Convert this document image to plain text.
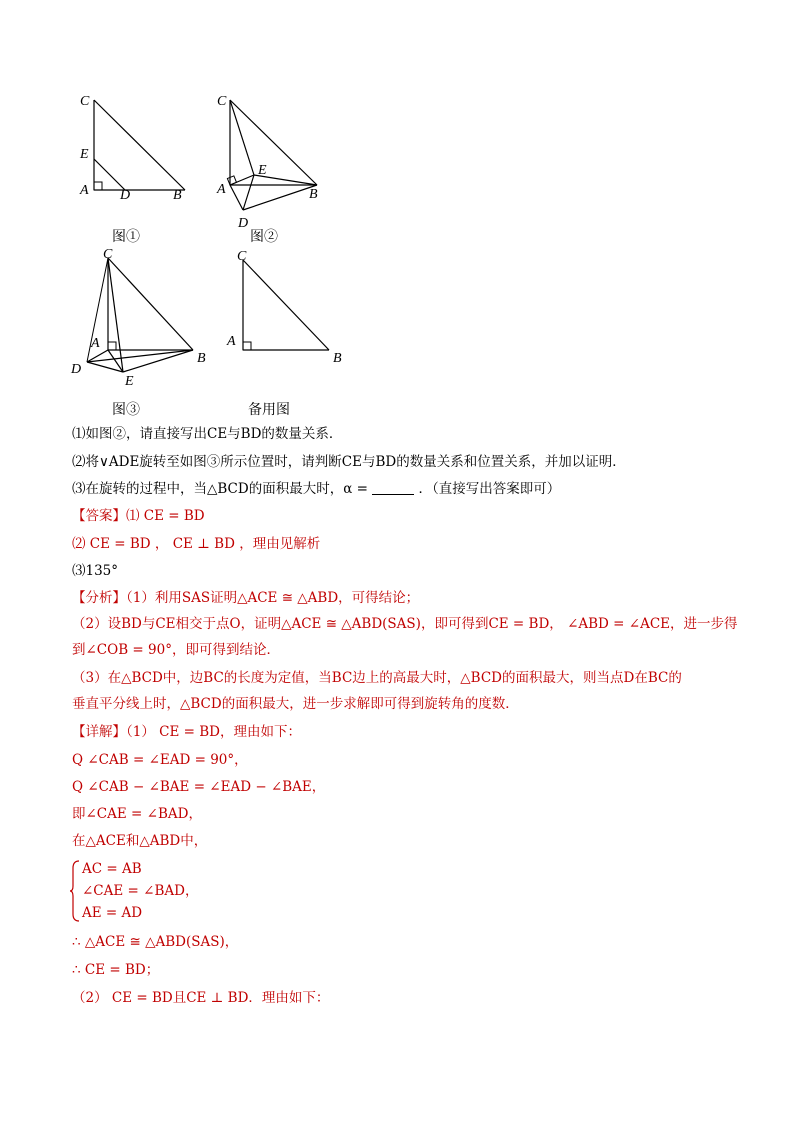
C
E
A D	B
图①
C
E
A
D
B
图②
C
A
D
E
B
图③
C
A
B
备用图
⑴如图②，请直接写出CE与BD的数量关系．
⑵将∨ADE旋转至如图③所示位置时，请判断CE与BD的数量关系和位置关系，并加以证明．
⑶在旋转的过程中，当△BCD的面积最大时，α =	．（直接写出答案即可）
【答案】⑴ CE = BD
⑵ CE = BD ， CE ⊥ BD ，理由见解析
⑶135°
【分析】（1）利用SAS证明△ACE ≅ △ABD，可得结论；
（2）设BD与CE相交于点O，证明△ACE ≅ △ABD(SAS)，即可得到CE = BD， ∠ABD = ∠ACE，进一步得
到∠COB = 90°，即可得到结论．
（3）在△BCD中，边BC的长度为定值，当BC边上的高最大时，△BCD的面积最大，则当点D在BC的
垂直平分线上时，△BCD的面积最大，进一步求解即可得到旋转角的度数．
【详解】（1） CE = BD，理由如下：
Q ∠CAB = ∠EAD = 90°，
Q ∠CAB − ∠BAE = ∠EAD − ∠BAE，
即∠CAE = ∠BAD，
在△ACE和△ABD中，
AC = AB
∠CAE = ∠BAD，
AE = AD
∴ △ACE ≅ △ABD(SAS)，
∴ CE = BD；
（2） CE = BD且CE ⊥ BD．理由如下：
